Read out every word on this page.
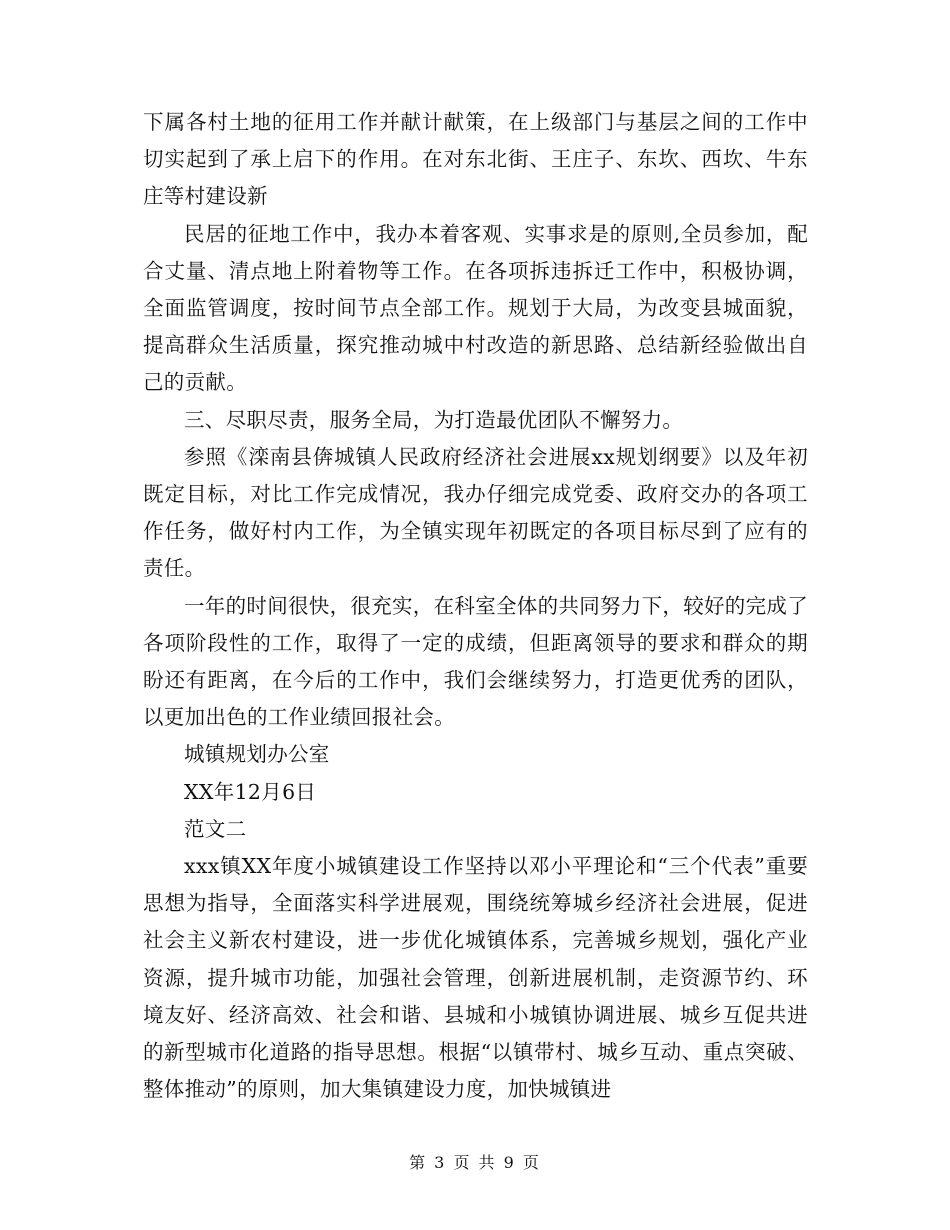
下属各村土地的征用工作并献计献策，在上级部门与基层之间的工作中切实起到了承上启下的作用。在对东北街、王庄子、东坎、西坎、牛东庄等村建设新

民居的征地工作中，我办本着客观、实事求是的原则,全员参加，配合丈量、清点地上附着物等工作。在各项拆违拆迁工作中，积极协调，全面监管调度，按时间节点全部工作。规划于大局，为改变县城面貌，提高群众生活质量，探究推动城中村改造的新思路、总结新经验做出自己的贡献。

三、尽职尽责，服务全局，为打造最优团队不懈努力。

参照《滦南县倴城镇人民政府经济社会进展xx规划纲要》以及年初既定目标，对比工作完成情况，我办仔细完成党委、政府交办的各项工作任务，做好村内工作，为全镇实现年初既定的各项目标尽到了应有的责任。

一年的时间很快，很充实，在科室全体的共同努力下，较好的完成了各项阶段性的工作，取得了一定的成绩，但距离领导的要求和群众的期盼还有距离，在今后的工作中，我们会继续努力，打造更优秀的团队，以更加出色的工作业绩回报社会。

城镇规划办公室

XX年12月6日

范文二

xxx镇XX年度小城镇建设工作坚持以邓小平理论和“三个代表”重要思想为指导，全面落实科学进展观，围绕统筹城乡经济社会进展，促进社会主义新农村建设，进一步优化城镇体系，完善城乡规划，强化产业资源，提升城市功能，加强社会管理，创新进展机制，走资源节约、环境友好、经济高效、社会和谐、县城和小城镇协调进展、城乡互促共进的新型城市化道路的指导思想。根据“以镇带村、城乡互动、重点突破、整体推动”的原则，加大集镇建设力度，加快城镇进

第 3 页 共 9 页
